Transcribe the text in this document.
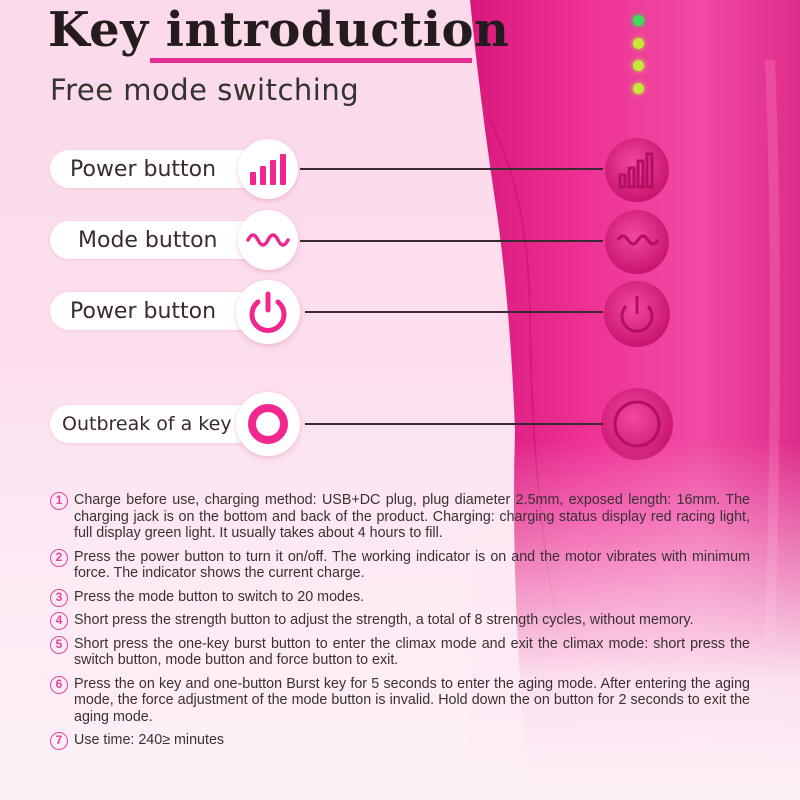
Key introduction
Free mode switching
Power button
Mode button
Power button
Outbreak of a key
1 Charge before use, charging method: USB+DC plug, plug diameter 2.5mm, exposed length: 16mm. The charging jack is on the bottom and back of the product. Charging: charging status display red racing light, full display green light. It usually takes about 4 hours to fill.
2 Press the power button to turn it on/off. The working indicator is on and the motor vibrates with minimum force. The indicator shows the current charge.
3 Press the mode button to switch to 20 modes.
4 Short press the strength button to adjust the strength, a total of 8 strength cycles, without memory.
5 Short press the one-key burst button to enter the climax mode and exit the climax mode: short press the switch button, mode button and force button to exit.
6 Press the on key and one-button Burst key for 5 seconds to enter the aging mode. After entering the aging mode, the force adjustment of the mode button is invalid. Hold down the on button for 2 seconds to exit the aging mode.
7 Use time: 240≥ minutes
